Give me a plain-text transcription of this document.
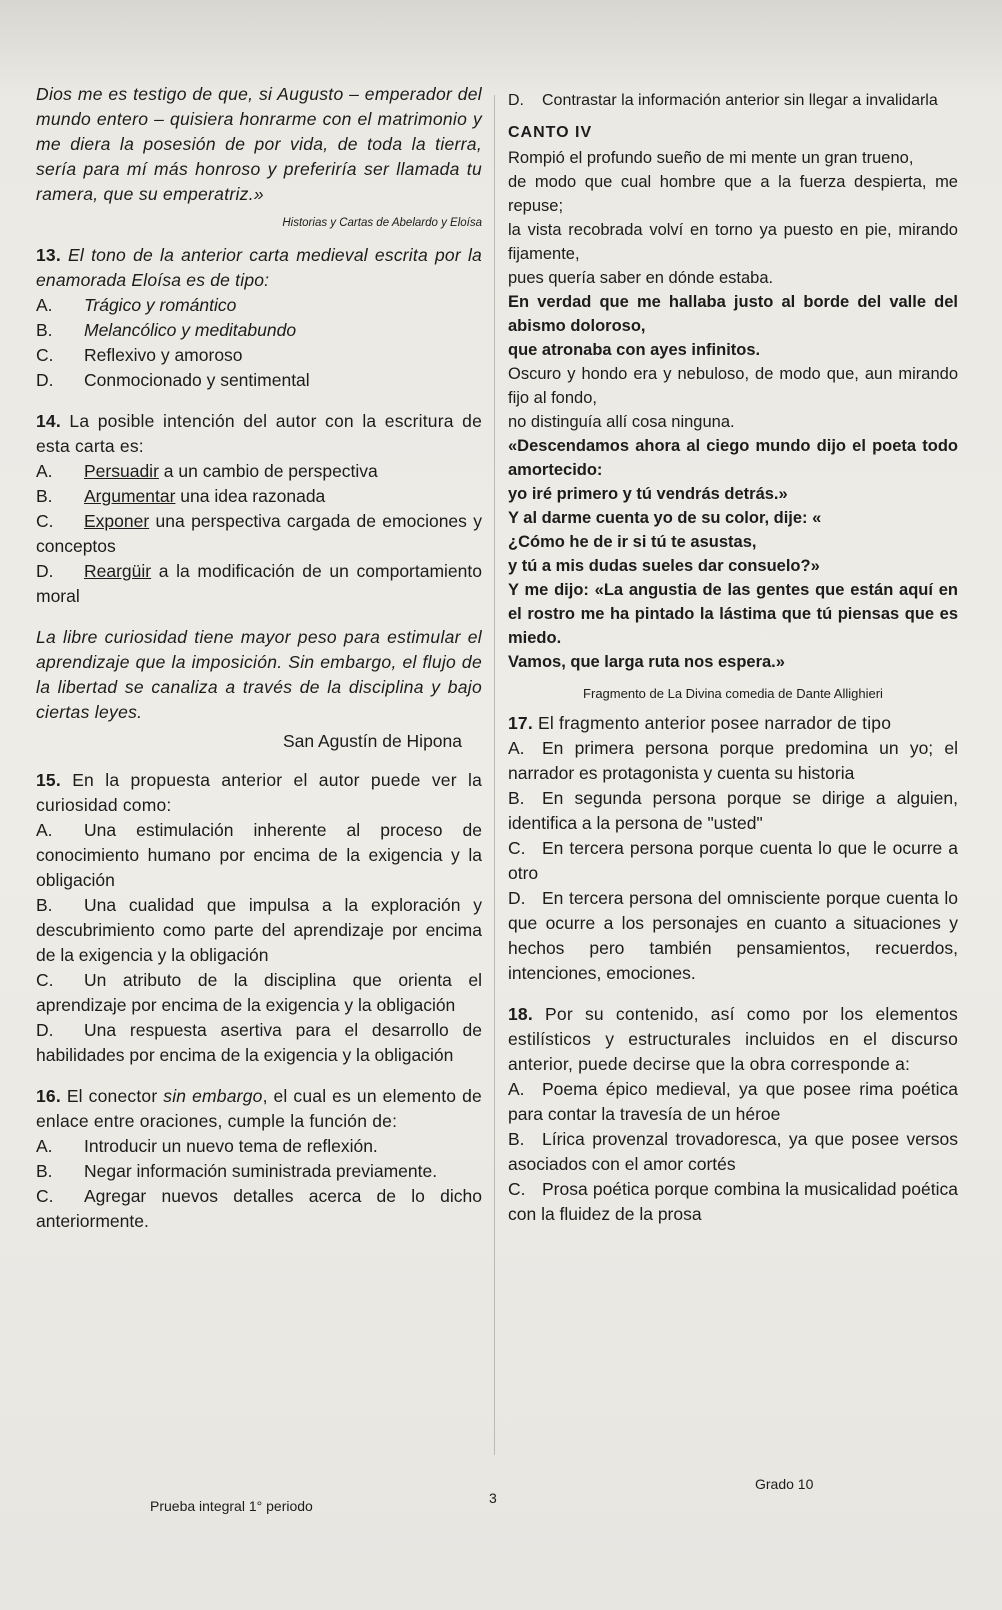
Dios me es testigo de que, si Augusto – emperador del mundo entero – quisiera honrarme con el matrimonio y me diera la posesión de por vida, de toda la tierra, sería para mí más honroso y preferiría ser llamada tu ramera, que su emperatriz.»

Historias y Cartas de Abelardo y Eloísa

13. El tono de la anterior carta medieval escrita por la enamorada Eloísa es de tipo:

A. Trágico y romántico

B. Melancólico y meditabundo

C. Reflexivo y amoroso

D. Conmocionado y sentimental

14. La posible intención del autor con la escritura de esta carta es:

A. Persuadir a un cambio de perspectiva

B. Argumentar una idea razonada

C. Exponer una perspectiva cargada de emociones y conceptos

D. Reargüir a la modificación de un comportamiento moral

La libre curiosidad tiene mayor peso para estimular el aprendizaje que la imposición. Sin embargo, el flujo de la libertad se canaliza a través de la disciplina y bajo ciertas leyes.

San Agustín de Hipona

15. En la propuesta anterior el autor puede ver la curiosidad como:

A. Una estimulación inherente al proceso de conocimiento humano por encima de la exigencia y la obligación

B. Una cualidad que impulsa a la exploración y descubrimiento como parte del aprendizaje por encima de la exigencia y la obligación

C. Un atributo de la disciplina que orienta el aprendizaje por encima de la exigencia y la obligación

D. Una respuesta asertiva para el desarrollo de habilidades por encima de la exigencia y la obligación

16. El conector sin embargo, el cual es un elemento de enlace entre oraciones, cumple la función de:

A. Introducir un nuevo tema de reflexión.

B. Negar información suministrada previamente.

C. Agregar nuevos detalles acerca de lo dicho anteriormente.

D. Contrastar la información anterior sin llegar a invalidarla

CANTO IV

Rompió el profundo sueño de mi mente un gran trueno,

de modo que cual hombre que a la fuerza despierta, me repuse;

la vista recobrada volví en torno ya puesto en pie, mirando fijamente,

pues quería saber en dónde estaba.

En verdad que me hallaba justo al borde del valle del abismo doloroso,

que atronaba con ayes infinitos.

Oscuro y hondo era y nebuloso, de modo que, aun mirando fijo al fondo,

no distinguía allí cosa ninguna.

«Descendamos ahora al ciego mundo dijo el poeta todo amortecido:

yo iré primero y tú vendrás detrás.»

Y al darme cuenta yo de su color, dije: «

¿Cómo he de ir si tú te asustas,

y tú a mis dudas sueles dar consuelo?»

Y me dijo: «La angustia de las gentes que están aquí en el rostro me ha pintado la lástima que tú piensas que es miedo.

Vamos, que larga ruta nos espera.»

Fragmento de La Divina comedia de Dante Allighieri

17. El fragmento anterior posee narrador de tipo

A. En primera persona porque predomina un yo; el narrador es protagonista y cuenta su historia

B. En segunda persona porque se dirige a alguien, identifica a la persona de "usted"

C. En tercera persona porque cuenta lo que le ocurre a otro

D. En tercera persona del omnisciente porque cuenta lo que ocurre a los personajes en cuanto a situaciones y hechos pero también pensamientos, recuerdos, intenciones, emociones.

18. Por su contenido, así como por los elementos estilísticos y estructurales incluidos en el discurso anterior, puede decirse que la obra corresponde a:

A. Poema épico medieval, ya que posee rima poética para contar la travesía de un héroe

B. Lírica provenzal trovadoresca, ya que posee versos asociados con el amor cortés

C. Prosa poética porque combina la musicalidad poética con la fluidez de la prosa

Prueba integral 1° periodo	3
Grado 10
